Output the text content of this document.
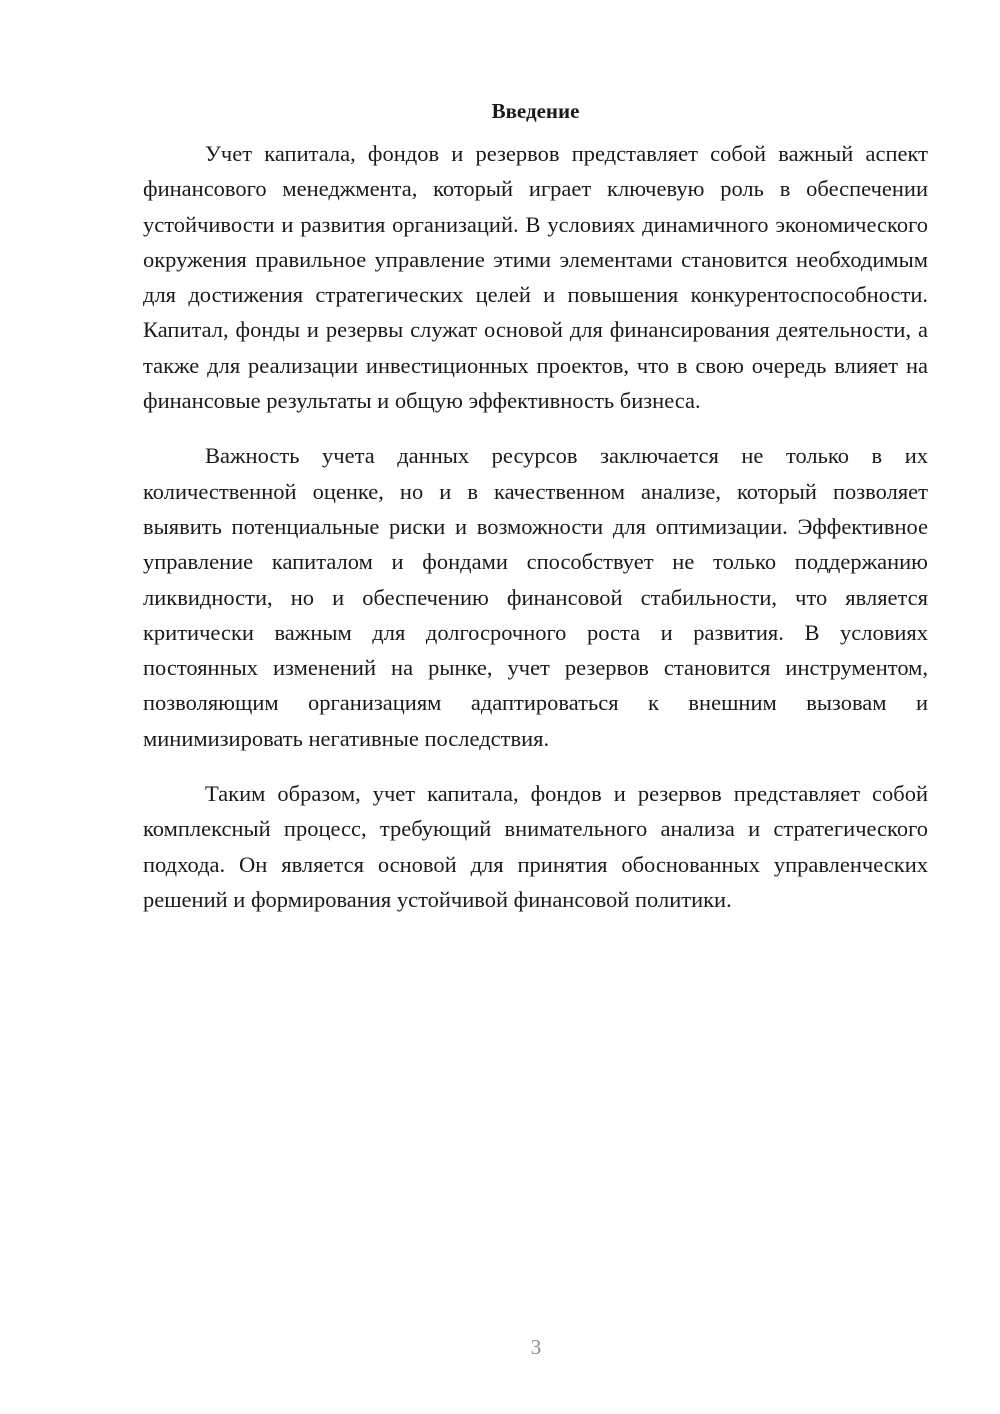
Введение

Учет капитала, фондов и резервов представляет собой важный аспект финансового менеджмента, который играет ключевую роль в обеспечении устойчивости и развития организаций. В условиях динамичного экономического окружения правильное управление этими элементами становится необходимым для достижения стратегических целей и повышения конкурентоспособности. Капитал, фонды и резервы служат основой для финансирования деятельности, а также для реализации инвестиционных проектов, что в свою очередь влияет на финансовые результаты и общую эффективность бизнеса.

Важность учета данных ресурсов заключается не только в их количественной оценке, но и в качественном анализе, который позволяет выявить потенциальные риски и возможности для оптимизации. Эффективное управление капиталом и фондами способствует не только поддержанию ликвидности, но и обеспечению финансовой стабильности, что является критически важным для долгосрочного роста и развития. В условиях постоянных изменений на рынке, учет резервов становится инструментом, позволяющим организациям адаптироваться к внешним вызовам и минимизировать негативные последствия.

Таким образом, учет капитала, фондов и резервов представляет собой комплексный процесс, требующий внимательного анализа и стратегического подхода. Он является основой для принятия обоснованных управленческих решений и формирования устойчивой финансовой политики.

3
